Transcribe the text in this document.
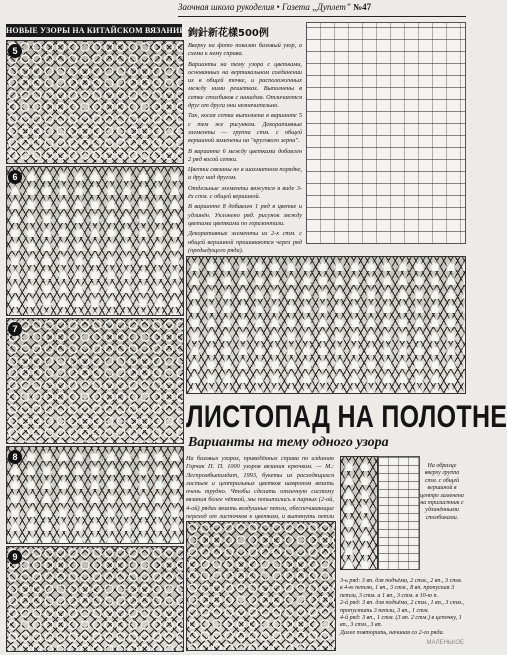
Заочная школа рукоделия • Газета „Дуплет” №47
НОВЫЕ УЗОРЫ НА КИТАЙСКОМ ВЯЗАНИИ
5
6
7
8
9
鉤針新花樣500例

Вверху на фото показан базовый узор, а схема к нему справа.

Варианты на тему узора с цветками, основанных на вертикальном соединении их в общей точке, и расположенных между ними решетках. Выполнены в сетке столбиков с накидом. Отличаются друг от друга они незначительно.

Так, косая сетка выполнена в варианте 5 с тем же рисунком. Декоративные элементы — группа стм. с общей вершиной заменены на "кругового зерна".

В варианте 6 между цветками добавлен 2 ряд косой сетки.

Цветки связаны не в шахматном порядке, а друг над другом.

Отдельные элементы вяжутся в виде 3-ёх стм. с общей вершиной.

В варианте 8 добавлен 1 ряд в цветке и удлинён. Уклонено ряд. рисунок между цветами цветками по горизонтали.

Декоративные элементы из 2-х стм. с общей вершиной пришиваются через ряд (предыдущего ряда).

ЛИСТОПАД НА ПОЛОТНЕ
Варианты на тему одного узора
На базовых узорах, приведённых справа по изданию Горчак П. П. 1000 узоров вязания крючком. — М.: Легпромбытиздат, 1993, букеты из расходящихся листьев и центральных цветков шевроном вязать очень трудно. Чтобы сделать отличную систему вязания более чёткой, мы попытались в парных (2-ой, 4-ой) рядах вязать воздушные петли, обеспечивающие переход от листочков к цветкам, и вытянуть петли
На образце вверху группа стм. с общей вершиной в центре заменена на трилистник с удлинёнными столбиками.
3-ь ряд: 3 вп. для подъёма, 2 стм., 2 вп., 3 стм. в 4-ю петлю, 1 вп., 3 стм., 8 вп. пропуская 3 петли, 3 стм. и 1 вп., 3 стм. в 10-ю п.
2-й ряд: 3 вп. для подъёма, 2 стм., 1 вп., 3 стм., пропустить 3 петли, 3 вп., 1 стм.
4-й ряд: 3 вп., 1 стм. (3 вп. 2 стм.) в цепочку, 1 вп., 3 стм., 3 вп.
Далее повторить, начиная со 2-го ряда.
МАЛЕНЬКОЕ
